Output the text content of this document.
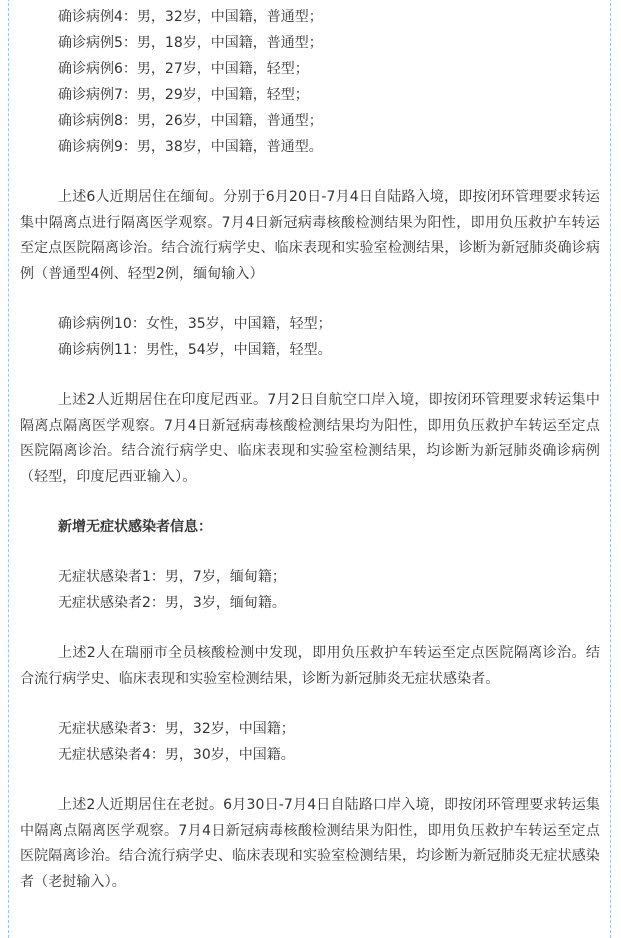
确诊病例4：男，32岁，中国籍，普通型；
确诊病例5：男，18岁，中国籍，普通型；
确诊病例6：男，27岁，中国籍，轻型；
确诊病例7：男，29岁，中国籍，轻型；
确诊病例8：男，26岁，中国籍，普通型；
确诊病例9：男，38岁，中国籍，普通型。

上述6人近期居住在缅甸。分别于6月20日-7月4日自陆路入境，即按闭环管理要求转运集中隔离点进行隔离医学观察。7月4日新冠病毒核酸检测结果为阳性，即用负压救护车转运至定点医院隔离诊治。结合流行病学史、临床表现和实验室检测结果，诊断为新冠肺炎确诊病例（普通型4例、轻型2例，缅甸输入）

确诊病例10：女性，35岁，中国籍，轻型；
确诊病例11：男性，54岁，中国籍，轻型。

上述2人近期居住在印度尼西亚。7月2日自航空口岸入境，即按闭环管理要求转运集中隔离点隔离医学观察。7月4日新冠病毒核酸检测结果均为阳性，即用负压救护车转运至定点医院隔离诊治。结合流行病学史、临床表现和实验室检测结果，均诊断为新冠肺炎确诊病例（轻型，印度尼西亚输入）。

新增无症状感染者信息：
无症状感染者1：男，7岁，缅甸籍；
无症状感染者2：男，3岁，缅甸籍。

上述2人在瑞丽市全员核酸检测中发现，即用负压救护车转运至定点医院隔离诊治。结合流行病学史、临床表现和实验室检测结果，诊断为新冠肺炎无症状感染者。

无症状感染者3：男，32岁，中国籍；
无症状感染者4：男，30岁，中国籍。

上述2人近期居住在老挝。6月30日-7月4日自陆路口岸入境，即按闭环管理要求转运集中隔离点隔离医学观察。7月4日新冠病毒核酸检测结果为阳性，即用负压救护车转运至定点医院隔离诊治。结合流行病学史、临床表现和实验室检测结果，均诊断为新冠肺炎无症状感染者（老挝输入）。
